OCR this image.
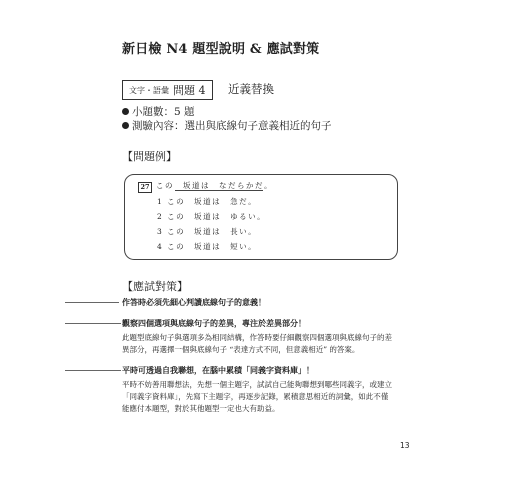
新日檢 N4 題型說明 & 應試對策
文字・語彙 問題 4 近義替換
小題數：5 題
測驗內容：選出與底線句子意義相近的句子
【問題例】
27 この　坂道は　なだらかだ。
1 この　坂道は　急だ。
2 この　坂道は　ゆるい。
3 この　坂道は　長い。
4 この　坂道は　短い。
【應試對策】
作答時必須先細心判讀底線句子的意義！
觀察四個選項與底線句子的差異，專注於差異部分！
此題型底線句子與選項多為相同結構，作答時要仔細觀察四個選項與底線句子的差
異部分，再選擇一個與底線句子 “表達方式不同，但意義相近” 的答案。
平時可透過自我聯想，在腦中累積「同義字資料庫」！
平時不妨善用聯想法，先想一個主題字，試試自己能夠聯想到哪些同義字，或建立
「同義字資料庫」，先寫下主題字，再逐步記錄，累積意思相近的詞彙，如此不僅
能應付本題型，對於其他題型一定也大有助益。
13
